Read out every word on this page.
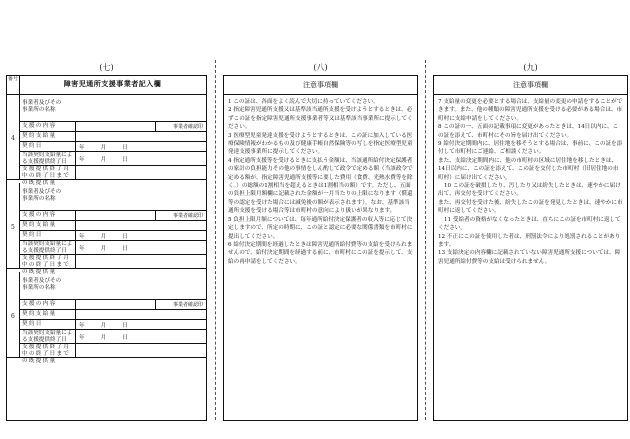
(七)
番号	障害児通所支援事業者記入欄
4
事業者及びその事業所の名称
支援の内容	事業者確認印
契約支給量
契約日	年	月	日
当該契約支給量による支援提供終了日	年	月	日
支援提供終了月中の終了日までの既提供量
5
事業者及びその事業所の名称
支援の内容	事業者確認印
契約支給量
契約日	年	月	日
当該契約支給量による支援提供終了日	年	月	日
支援提供終了月中の終了日までの既提供量
6
事業者及びその事業所の名称
支援の内容	事業者確認印
契約支給量
契約日	年	月	日
当該契約支給量による支援提供終了日	年	月	日
支援提供終了月中の終了日までの既提供量
(八)
注意事項欄

1 この証は、各面をよく読んで大切に持っていてください。

2 指定障害児通所支援又は基準該当通所支援を受けようとするときは、必ずこの証を指定障害児通所支援事業者等又は基準該当事業所に提示してください。

3 医療型児童発達支援を受けようとするときは、この証に加入している医療保険情報がわかるもの及び健康手帳自然保険等の写しを指定医療型児童発達支援事業所に提示してください。

4 指定通所支援等を受けるときに支払う金額は、当該通所給付決定保護者の家計の負担能力その他の事情をしん酌して政令で定める額（当該政令で定める額が、指定障害児通所支援等に要した費用（食費、光熱水費等を除く。）の総額の1割相当を超えるときは1割相当の額）です。ただし、五面の負担上限月額欄に記載された金額が一月当たりの上限になります（償還等の認定を受けた場合には減免後の額が表示されます）。なお、基準該当通所支援を受ける場合等は市町村の意向により扱いが異なります。

5 負担上限月額については、毎年通所給付決定保護者の収入等に応じて決定しますので、所定の時期に、この証と認定に必要な関係書類を市町村に提出してください。

6 給付決定期間を経過したときは障害児通所給付費等の支給を受けられませんので、給付決定期間を経過する前に、市町村にこの証を提示して、支給の再申請をしてください。

(九)
注意事項欄

7 支給量の変更を必要とする場合は、支給量の変更の申請をすることができます。また、他の種類の障害児通所支援を受ける必要がある場合は、市町村に支給申請をしてください。

8 この証の一、五面の記載事項に変更があったときは、14日以内に、この証を添えて、市町村にその旨を届け出てください。

9 給付決定期間内に、居住地を移そうとする場合は、事前に、この証を添付して市町村にご連絡、ご相談ください。

また、支給決定期間内に、他の市町村の区域に居住地を移したときは、14日以内に、この証を添えて、この証を交付した市町村（旧居住地の市町村）に届け出てください。

10 この証を破損したり、汚したり又は紛失したときは、速やかに届け出て、再交付を受けてください。

また、再交付を受けた後、紛失したこの証を発見したときは、速やかに市町村に返してください。

11 受給者の資格がなくなったときは、直ちにこの証を市町村に返してください。

12 不正にこの証を使用した者は、刑罰法令により処罰されることがあります。

13 支給決定の内容欄に記載されていない障害児通所支援については、障害児通所給付費等の支給は受けられません。
